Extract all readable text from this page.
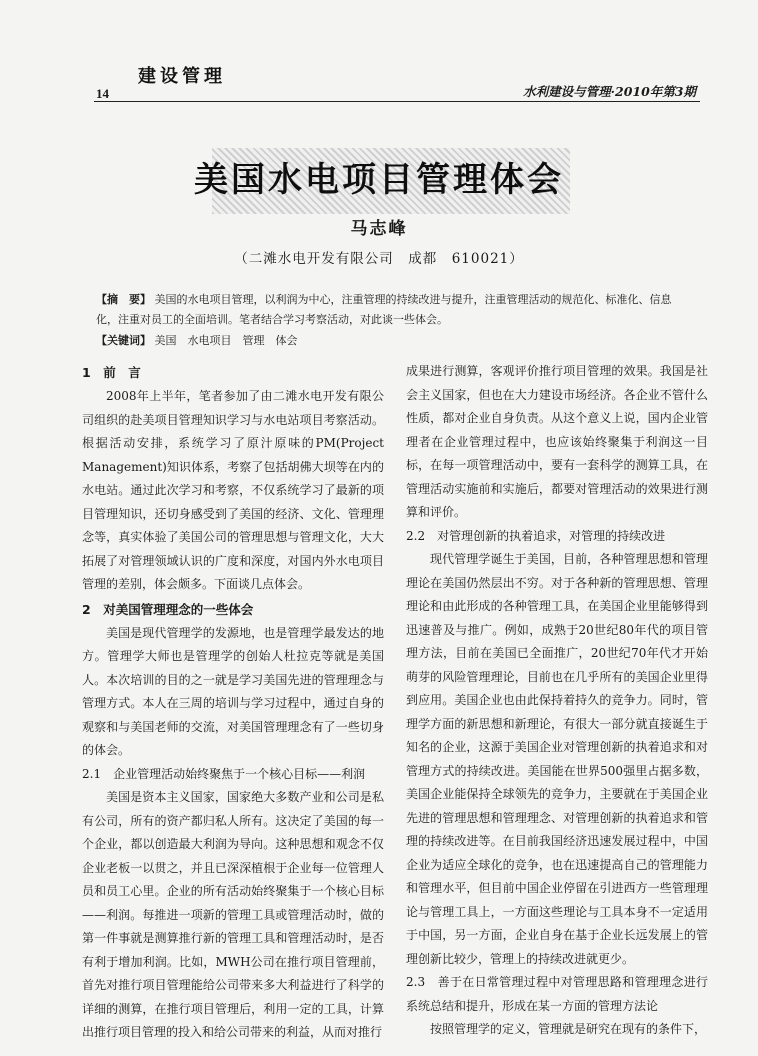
建设管理
14	水利建设与管理·2010年第3期
美国水电项目管理体会
马志峰
（二滩水电开发有限公司　成都　610021）
【摘　要】 美国的水电项目管理，以利润为中心，注重管理的持续改进与提升，注重管理活动的规范化、标准化、信息化，注重对员工的全面培训。笔者结合学习考察活动，对此谈一些体会。
【关键词】 美国　水电项目　管理　体会
1　前　言

2008年上半年，笔者参加了由二滩水电开发有限公司组织的赴美项目管理知识学习与水电站项目考察活动。根据活动安排，系统学习了原汁原味的PM(Project Management)知识体系，考察了包括胡佛大坝等在内的水电站。通过此次学习和考察，不仅系统学习了最新的项目管理知识，还切身感受到了美国的经济、文化、管理理念等，真实体验了美国公司的管理思想与管理文化，大大拓展了对管理领域认识的广度和深度，对国内外水电项目管理的差别，体会颇多。下面谈几点体会。

2　对美国管理理念的一些体会

美国是现代管理学的发源地，也是管理学最发达的地方。管理学大师也是管理学的创始人杜拉克等就是美国人。本次培训的目的之一就是学习美国先进的管理理念与管理方式。本人在三周的培训与学习过程中，通过自身的观察和与美国老师的交流，对美国管理理念有了一些切身的体会。

2.1　企业管理活动始终聚焦于一个核心目标——利润

美国是资本主义国家，国家绝大多数产业和公司是私有公司，所有的资产都归私人所有。这决定了美国的每一个企业，都以创造最大利润为导向。这种思想和观念不仅企业老板一以贯之，并且已深深植根于企业每一位管理人员和员工心里。企业的所有活动始终聚集于一个核心目标——利润。每推进一项新的管理工具或管理活动时，做的第一件事就是测算推行新的管理工具和管理活动时，是否有利于增加利润。比如，MWH公司在推行项目管理前，首先对推行项目管理能给公司带来多大利益进行了科学的详细的测算，在推行项目管理后，利用一定的工具，计算出推行项目管理的投入和给公司带来的利益，从而对推行

成果进行测算，客观评价推行项目管理的效果。我国是社会主义国家，但也在大力建设市场经济。各企业不管什么性质，都对企业自身负责。从这个意义上说，国内企业管理者在企业管理过程中，也应该始终聚集于利润这一目标，在每一项管理活动中，要有一套科学的测算工具，在管理活动实施前和实施后，都要对管理活动的效果进行测算和评价。

2.2　对管理创新的执着追求，对管理的持续改进

现代管理学诞生于美国，目前，各种管理思想和管理理论在美国仍然层出不穷。对于各种新的管理思想、管理理论和由此形成的各种管理工具，在美国企业里能够得到迅速普及与推广。例如，成熟于20世纪80年代的项目管理方法，目前在美国已全面推广，20世纪70年代才开始萌芽的风险管理理论，目前也在几乎所有的美国企业里得到应用。美国企业也由此保持着持久的竞争力。同时，管理学方面的新思想和新理论，有很大一部分就直接诞生于知名的企业，这源于美国企业对管理创新的执着追求和对管理方式的持续改进。美国能在世界500强里占据多数，美国企业能保持全球领先的竞争力，主要就在于美国企业先进的管理思想和管理理念、对管理创新的执着追求和管理的持续改进等。在目前我国经济迅速发展过程中，中国企业为适应全球化的竞争，也在迅速提高自己的管理能力和管理水平，但目前中国企业停留在引进西方一些管理理论与管理工具上，一方面这些理论与工具本身不一定适用于中国，另一方面，企业自身在基于企业长远发展上的管理创新比较少，管理上的持续改进就更少。

2.3　善于在日常管理过程中对管理思路和管理理念进行系统总结和提升，形成在某一方面的管理方法论

按照管理学的定义，管理就是研究在现有的条件下，
